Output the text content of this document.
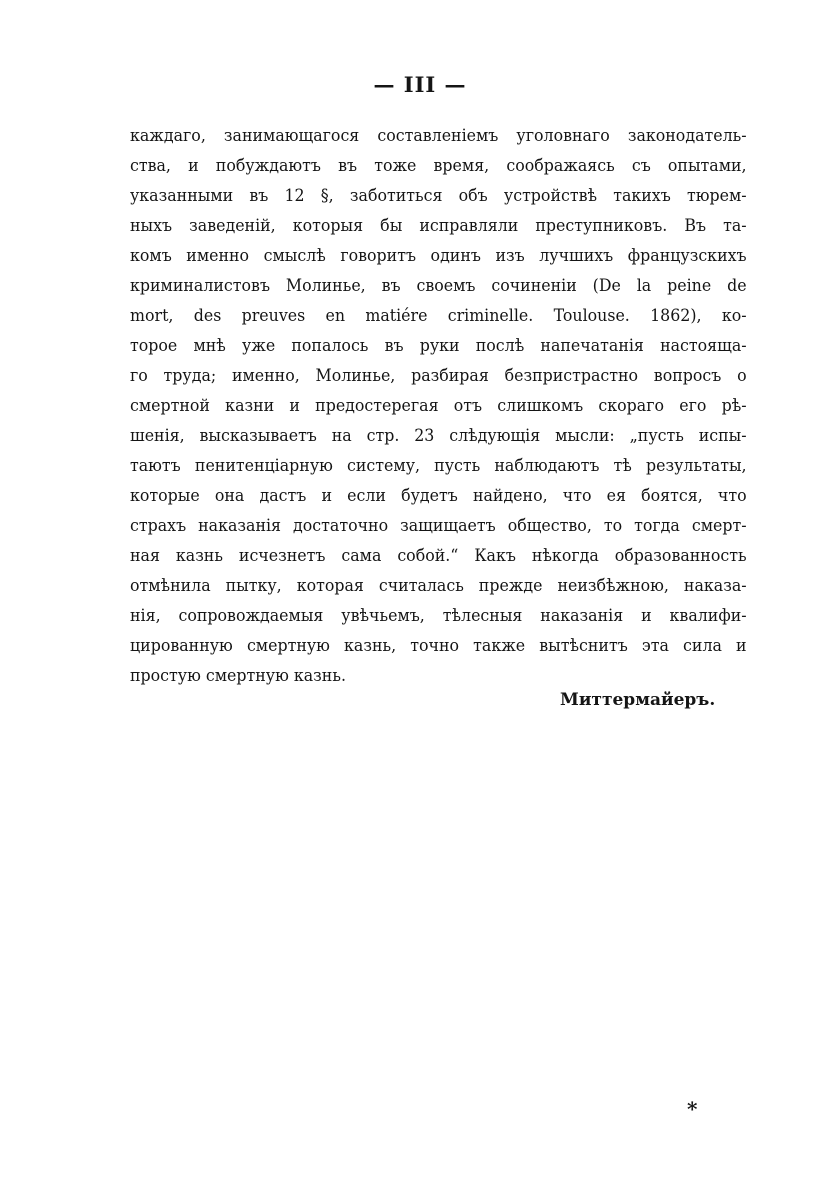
— III —
каждаго, занимающагося составленіемъ уголовнаго законодатель-
ства, и побуждаютъ въ тоже время, соображаясь съ опытами,
указанными въ 12 §, заботиться объ устройствѣ такихъ тюрем-
ныхъ заведеній, которыя бы исправляли преступниковъ. Въ та-
комъ именно смыслѣ говоритъ одинъ изъ лучшихъ французскихъ
криминалистовъ Молинье, въ своемъ сочиненіи (De la peine de
mort, des preuves en matiére criminelle. Toulouse. 1862), ко-
торое мнѣ уже попалось въ руки послѣ напечатанія настояща-
го труда; именно, Молинье, разбирая безпристрастно вопросъ о
смертной казни и предостерегая отъ слишкомъ скораго его рѣ-
шенія, высказываетъ на стр. 23 слѣдующія мысли: „пусть испы-
таютъ пенитенціарную систему, пусть наблюдаютъ тѣ результаты,
которые она дастъ и если будетъ найдено, что ея боятся, что
страхъ наказанія достаточно защищаетъ общество, то тогда смерт-
ная казнь исчезнетъ сама собой.“ Какъ нѣкогда образованность
отмѣнила пытку, которая считалась прежде неизбѣжною, наказа-
нія, сопровождаемыя увѣчьемъ, тѣлесныя наказанія и квалифи-
цированную смертную казнь, точно также вытѣснитъ эта сила и
простую смертную казнь.
Миттермайеръ.
*
